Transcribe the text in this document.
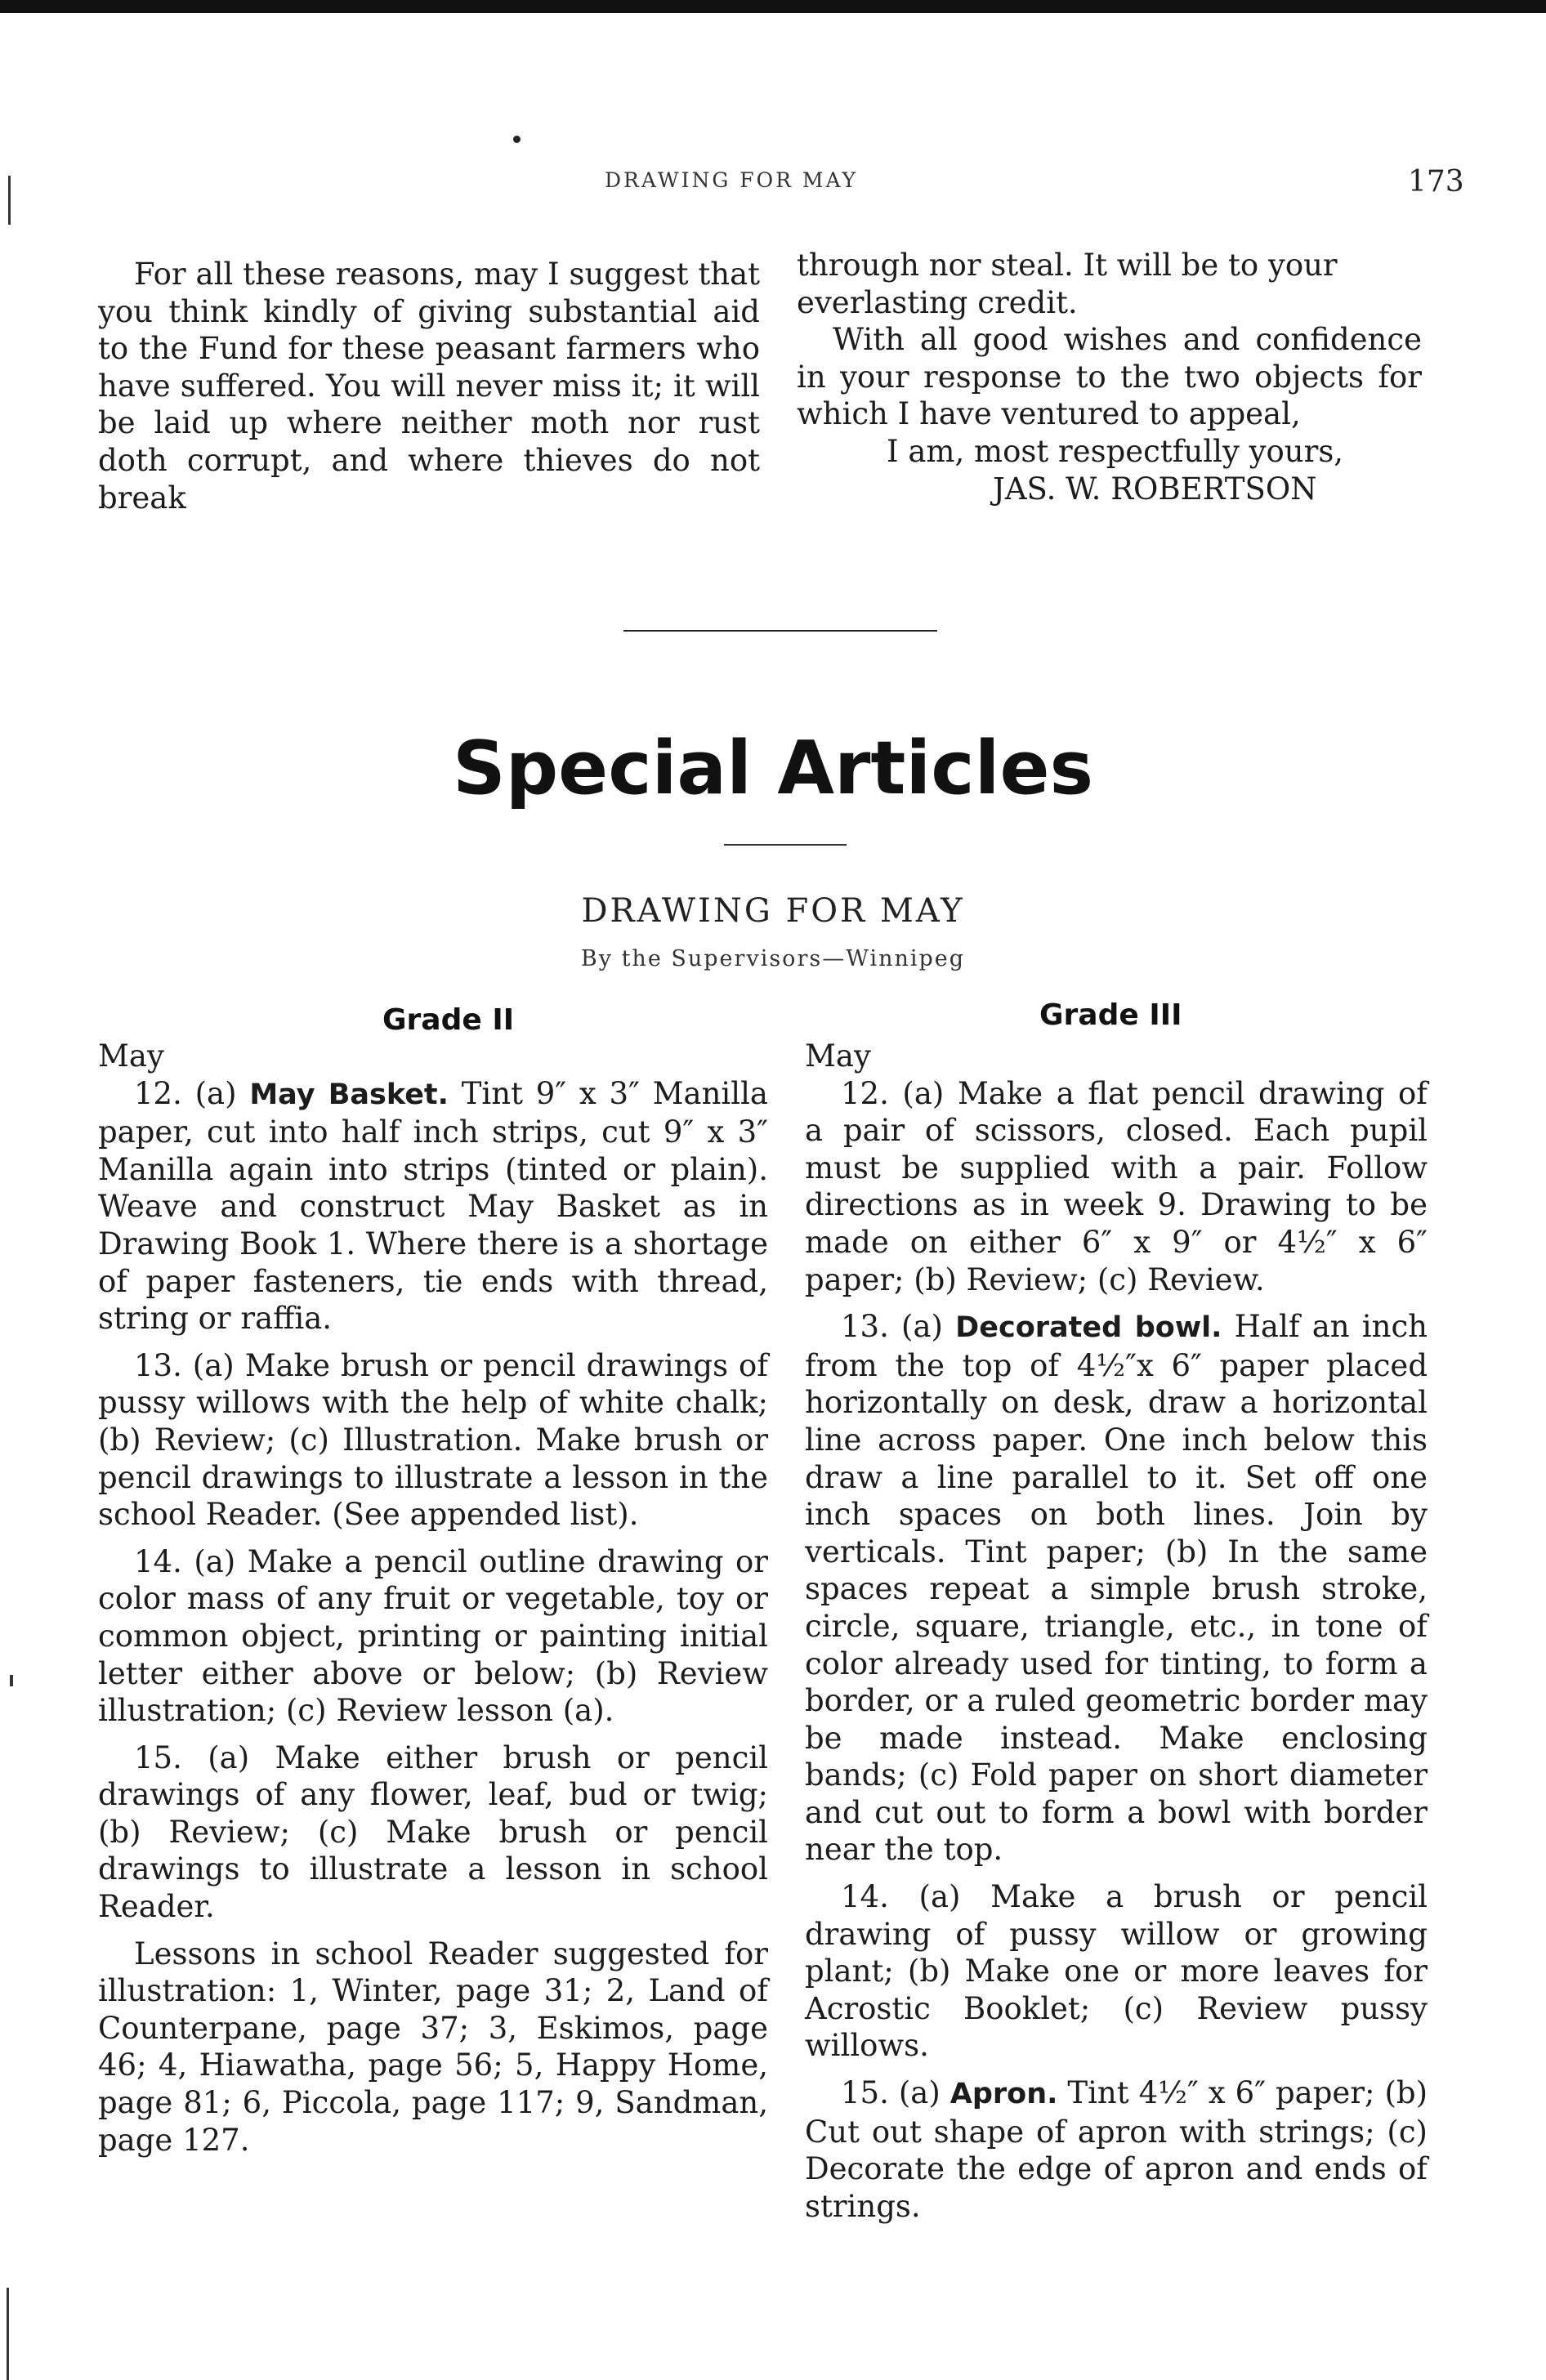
DRAWING FOR MAY	173

For all these reasons, may I suggest that you think kindly of giving substantial aid to the Fund for these peasant farmers who have suffered. You will never miss it; it will be laid up where neither moth nor rust doth corrupt, and where thieves do not break

through nor steal. It will be to your everlasting credit.

With all good wishes and confidence in your response to the two objects for which I have ventured to appeal,

I am, most respectfully yours,

JAS. W. ROBERTSON

Special Articles
DRAWING FOR MAY
By the Supervisors—Winnipeg
Grade II

May

12. (a) May Basket. Tint 9″ x 3″ Manilla paper, cut into half inch strips, cut 9″ x 3″ Manilla again into strips (tinted or plain). Weave and construct May Basket as in Drawing Book 1. Where there is a shortage of paper fasteners, tie ends with thread, string or raffia.

13. (a) Make brush or pencil drawings of pussy willows with the help of white chalk; (b) Review; (c) Illustration. Make brush or pencil drawings to illustrate a lesson in the school Reader. (See appended list).

14. (a) Make a pencil outline drawing or color mass of any fruit or vegetable, toy or common object, printing or painting initial letter either above or below; (b) Review illustration; (c) Review lesson (a).

15. (a) Make either brush or pencil drawings of any flower, leaf, bud or twig; (b) Review; (c) Make brush or pencil drawings to illustrate a lesson in school Reader.

Lessons in school Reader suggested for illustration: 1, Winter, page 31; 2, Land of Counterpane, page 37; 3, Eskimos, page 46; 4, Hiawatha, page 56; 5, Happy Home, page 81; 6, Piccola, page 117; 9, Sandman, page 127.

Grade III

May

12. (a) Make a flat pencil drawing of a pair of scissors, closed. Each pupil must be supplied with a pair. Follow directions as in week 9. Drawing to be made on either 6″ x 9″ or 4½″ x 6″ paper; (b) Review; (c) Review.

13. (a) Decorated bowl. Half an inch from the top of 4½″x 6″ paper placed horizontally on desk, draw a horizontal line across paper. One inch below this draw a line parallel to it. Set off one inch spaces on both lines. Join by verticals. Tint paper; (b) In the same spaces repeat a simple brush stroke, circle, square, triangle, etc., in tone of color already used for tinting, to form a border, or a ruled geometric border may be made instead. Make enclosing bands; (c) Fold paper on short diameter and cut out to form a bowl with border near the top.

14. (a) Make a brush or pencil drawing of pussy willow or growing plant; (b) Make one or more leaves for Acrostic Booklet; (c) Review pussy willows.

15. (a) Apron. Tint 4½″ x 6″ paper; (b) Cut out shape of apron with strings; (c) Decorate the edge of apron and ends of strings.
